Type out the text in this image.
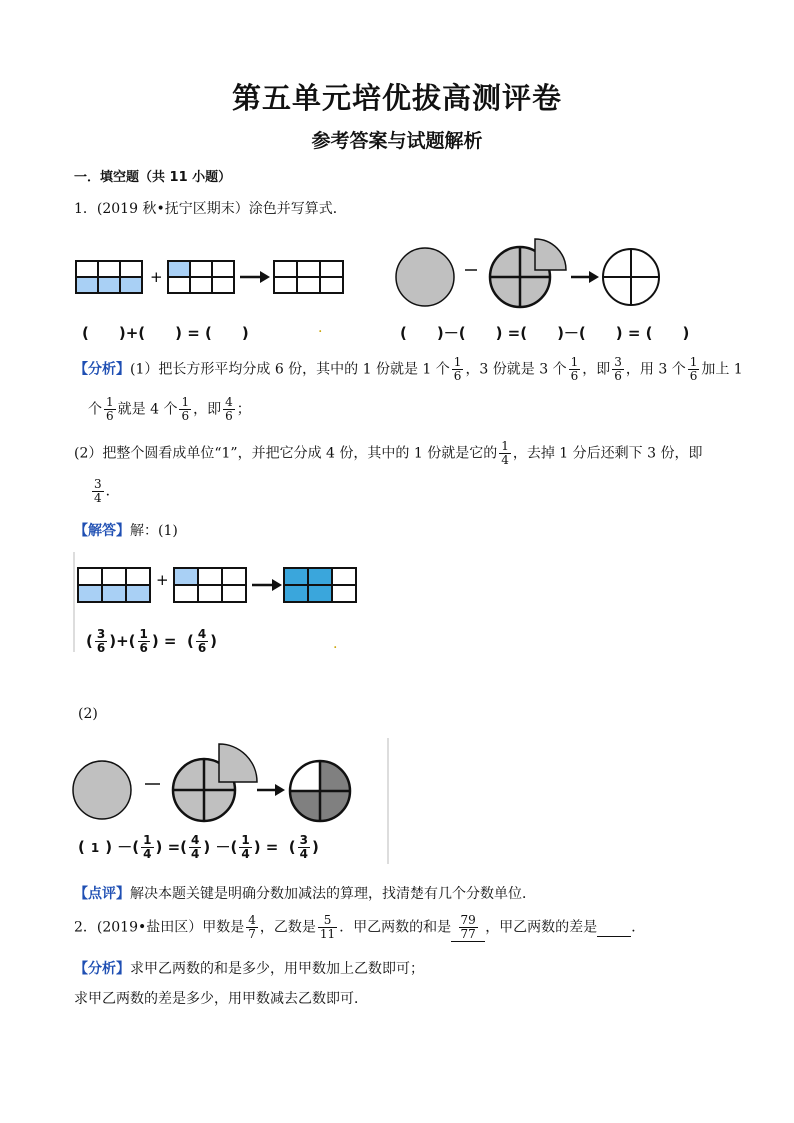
第五单元培优拔高测评卷
参考答案与试题解析
一．填空题（共 11 小题）
1．(2019 秋•抚宁区期末）涂色并写算式．
+
(　　)+(　　) = (　　)	.	(　　)－(　　) =(　　)－(　　) = (　　)
【分析】(1）把长方形平均分成 6 份，其中的 1 份就是 1 个 $\frac{1}{6}$ ，3 份就是 3 个 $\frac{1}{6}$ ，即 $\frac{3}{6}$ ，用 3 个 $\frac{1}{6}$ 加上 1
个 $\frac{1}{6}$ 就是 4 个 $\frac{1}{6}$ ，即 $\frac{4}{6}$ ；
(2）把整个圆看成单位“1”，并把它分成 4 份，其中的 1 份就是它的 $\frac{1}{4}$ ，去掉 1 分后还剩下 3 份，即
$\frac{3}{4}$ ．
【解答】解：(1)
+
( $\frac{3}{6}$ )+( $\frac{1}{6}$ ) =  ( $\frac{4}{6}$ )	.
(2)
( 1 ) －( $\frac{1}{4}$ ) =( $\frac{4}{4}$ ) －( $\frac{1}{4}$ ) =  ( $\frac{3}{4}$ )
【点评】解决本题关键是明确分数加减法的算理，找清楚有几个分数单位．
2．(2019•盐田区）甲数是 $\frac{4}{7}$ ，乙数是 $\frac{5}{11}$ ．甲乙两数的和是 $\frac{79}{77}$ ，甲乙两数的差是 ．
【分析】求甲乙两数的和是多少，用甲数加上乙数即可；
求甲乙两数的差是多少，用甲数减去乙数即可．
